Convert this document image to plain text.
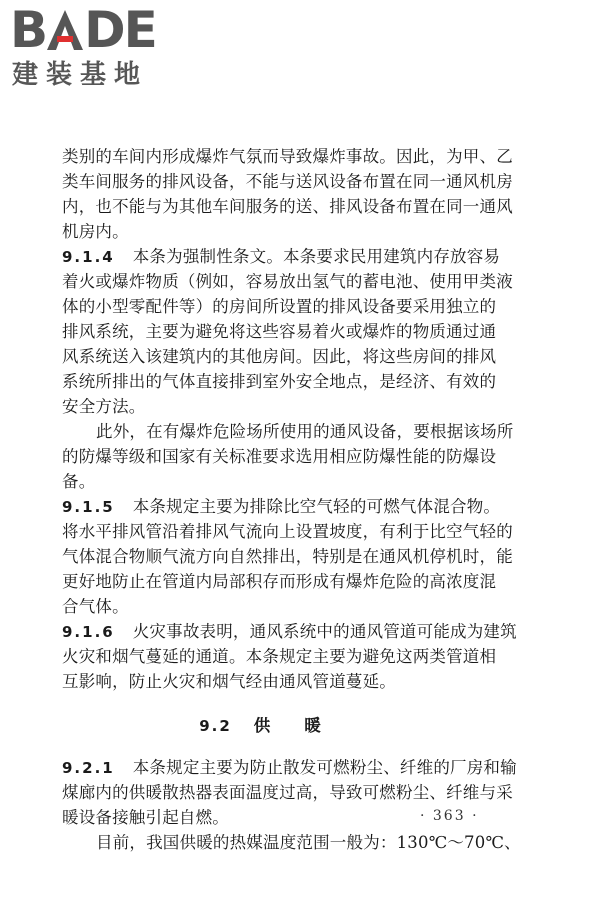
B DE
建装基地
类别的车间内形成爆炸气氛而导致爆炸事故。因此，为甲、乙
类车间服务的排风设备，不能与送风设备布置在同一通风机房
内，也不能与为其他车间服务的送、排风设备布置在同一通风
机房内。
9.1.4 本条为强制性条文。本条要求民用建筑内存放容易
着火或爆炸物质（例如，容易放出氢气的蓄电池、使用甲类液
体的小型零配件等）的房间所设置的排风设备要采用独立的
排风系统，主要为避免将这些容易着火或爆炸的物质通过通
风系统送入该建筑内的其他房间。因此，将这些房间的排风
系统所排出的气体直接排到室外安全地点，是经济、有效的
安全方法。
此外，在有爆炸危险场所使用的通风设备，要根据该场所
的防爆等级和国家有关标准要求选用相应防爆性能的防爆设
备。
9.1.5 本条规定主要为排除比空气轻的可燃气体混合物。
将水平排风管沿着排风气流向上设置坡度，有利于比空气轻的
气体混合物顺气流方向自然排出，特别是在通风机停机时，能
更好地防止在管道内局部积存而形成有爆炸危险的高浓度混
合气体。
9.1.6 火灾事故表明，通风系统中的通风管道可能成为建筑
火灾和烟气蔓延的通道。本条规定主要为避免这两类管道相
互影响，防止火灾和烟气经由通风管道蔓延。
9.2 供暖
9.2.1 本条规定主要为防止散发可燃粉尘、纤维的厂房和输
煤廊内的供暖散热器表面温度过高，导致可燃粉尘、纤维与采
暖设备接触引起自燃。
目前，我国供暖的热媒温度范围一般为：130℃～70℃、
· 363 ·
